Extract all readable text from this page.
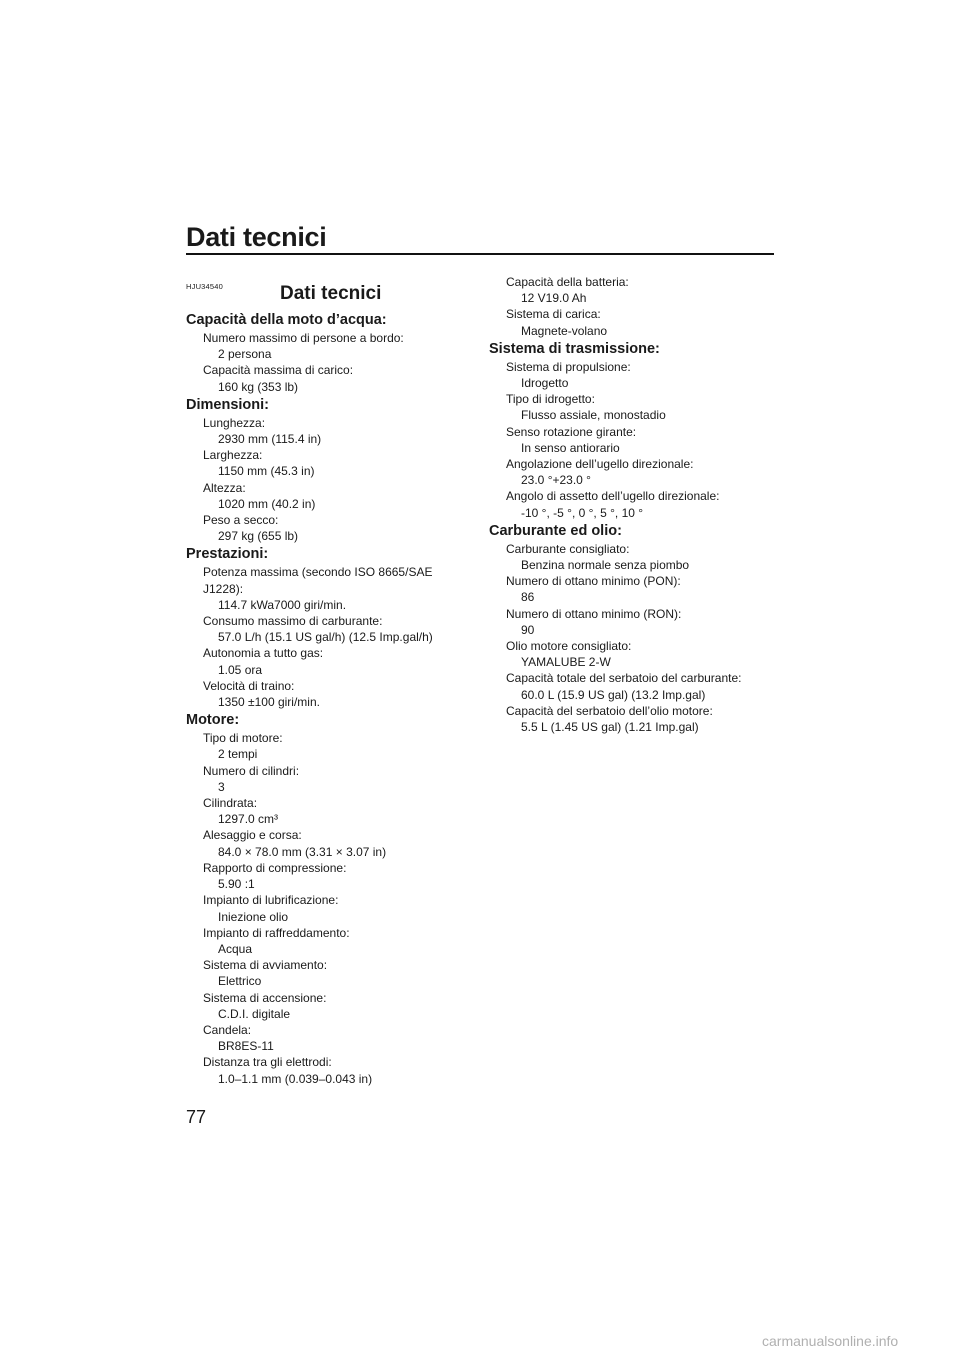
Dati tecnici
HJU34540	Dati tecnici
Capacità della moto d’acqua:
Numero massimo di persone a bordo:
2 persona
Capacità massima di carico:
160 kg (353 lb)
Dimensioni:
Lunghezza:
2930 mm (115.4 in)
Larghezza:
1150 mm (45.3 in)
Altezza:
1020 mm (40.2 in)
Peso a secco:
297 kg (655 lb)
Prestazioni:
Potenza massima (secondo ISO 8665/SAE J1228):
114.7 kWa7000 giri/min.
Consumo massimo di carburante:
57.0 L/h (15.1 US gal/h) (12.5 Imp.gal/h)
Autonomia a tutto gas:
1.05 ora
Velocità di traino:
1350 ±100 giri/min.
Motore:
Tipo di motore:
2 tempi
Numero di cilindri:
3
Cilindrata:
1297.0 cm³
Alesaggio e corsa:
84.0 × 78.0 mm (3.31 × 3.07 in)
Rapporto di compressione:
5.90 :1
Impianto di lubrificazione:
Iniezione olio
Impianto di raffreddamento:
Acqua
Sistema di avviamento:
Elettrico
Sistema di accensione:
C.D.I. digitale
Candela:
BR8ES-11
Distanza tra gli elettrodi:
1.0–1.1 mm (0.039–0.043 in)
Capacità della batteria:
12 V19.0 Ah
Sistema di carica:
Magnete-volano
Sistema di trasmissione:
Sistema di propulsione:
Idrogetto
Tipo di idrogetto:
Flusso assiale, monostadio
Senso rotazione girante:
In senso antiorario
Angolazione dell’ugello direzionale:
23.0 °+23.0 °
Angolo di assetto dell’ugello direzionale:
-10 °, -5 °, 0 °, 5 °, 10 °
Carburante ed olio:
Carburante consigliato:
Benzina normale senza piombo
Numero di ottano minimo (PON):
86
Numero di ottano minimo (RON):
90
Olio motore consigliato:
YAMALUBE 2-W
Capacità totale del serbatoio del carburante:
60.0 L (15.9 US gal) (13.2 Imp.gal)
Capacità del serbatoio dell’olio motore:
5.5 L (1.45 US gal) (1.21 Imp.gal)
77
carmanualsonline.info
